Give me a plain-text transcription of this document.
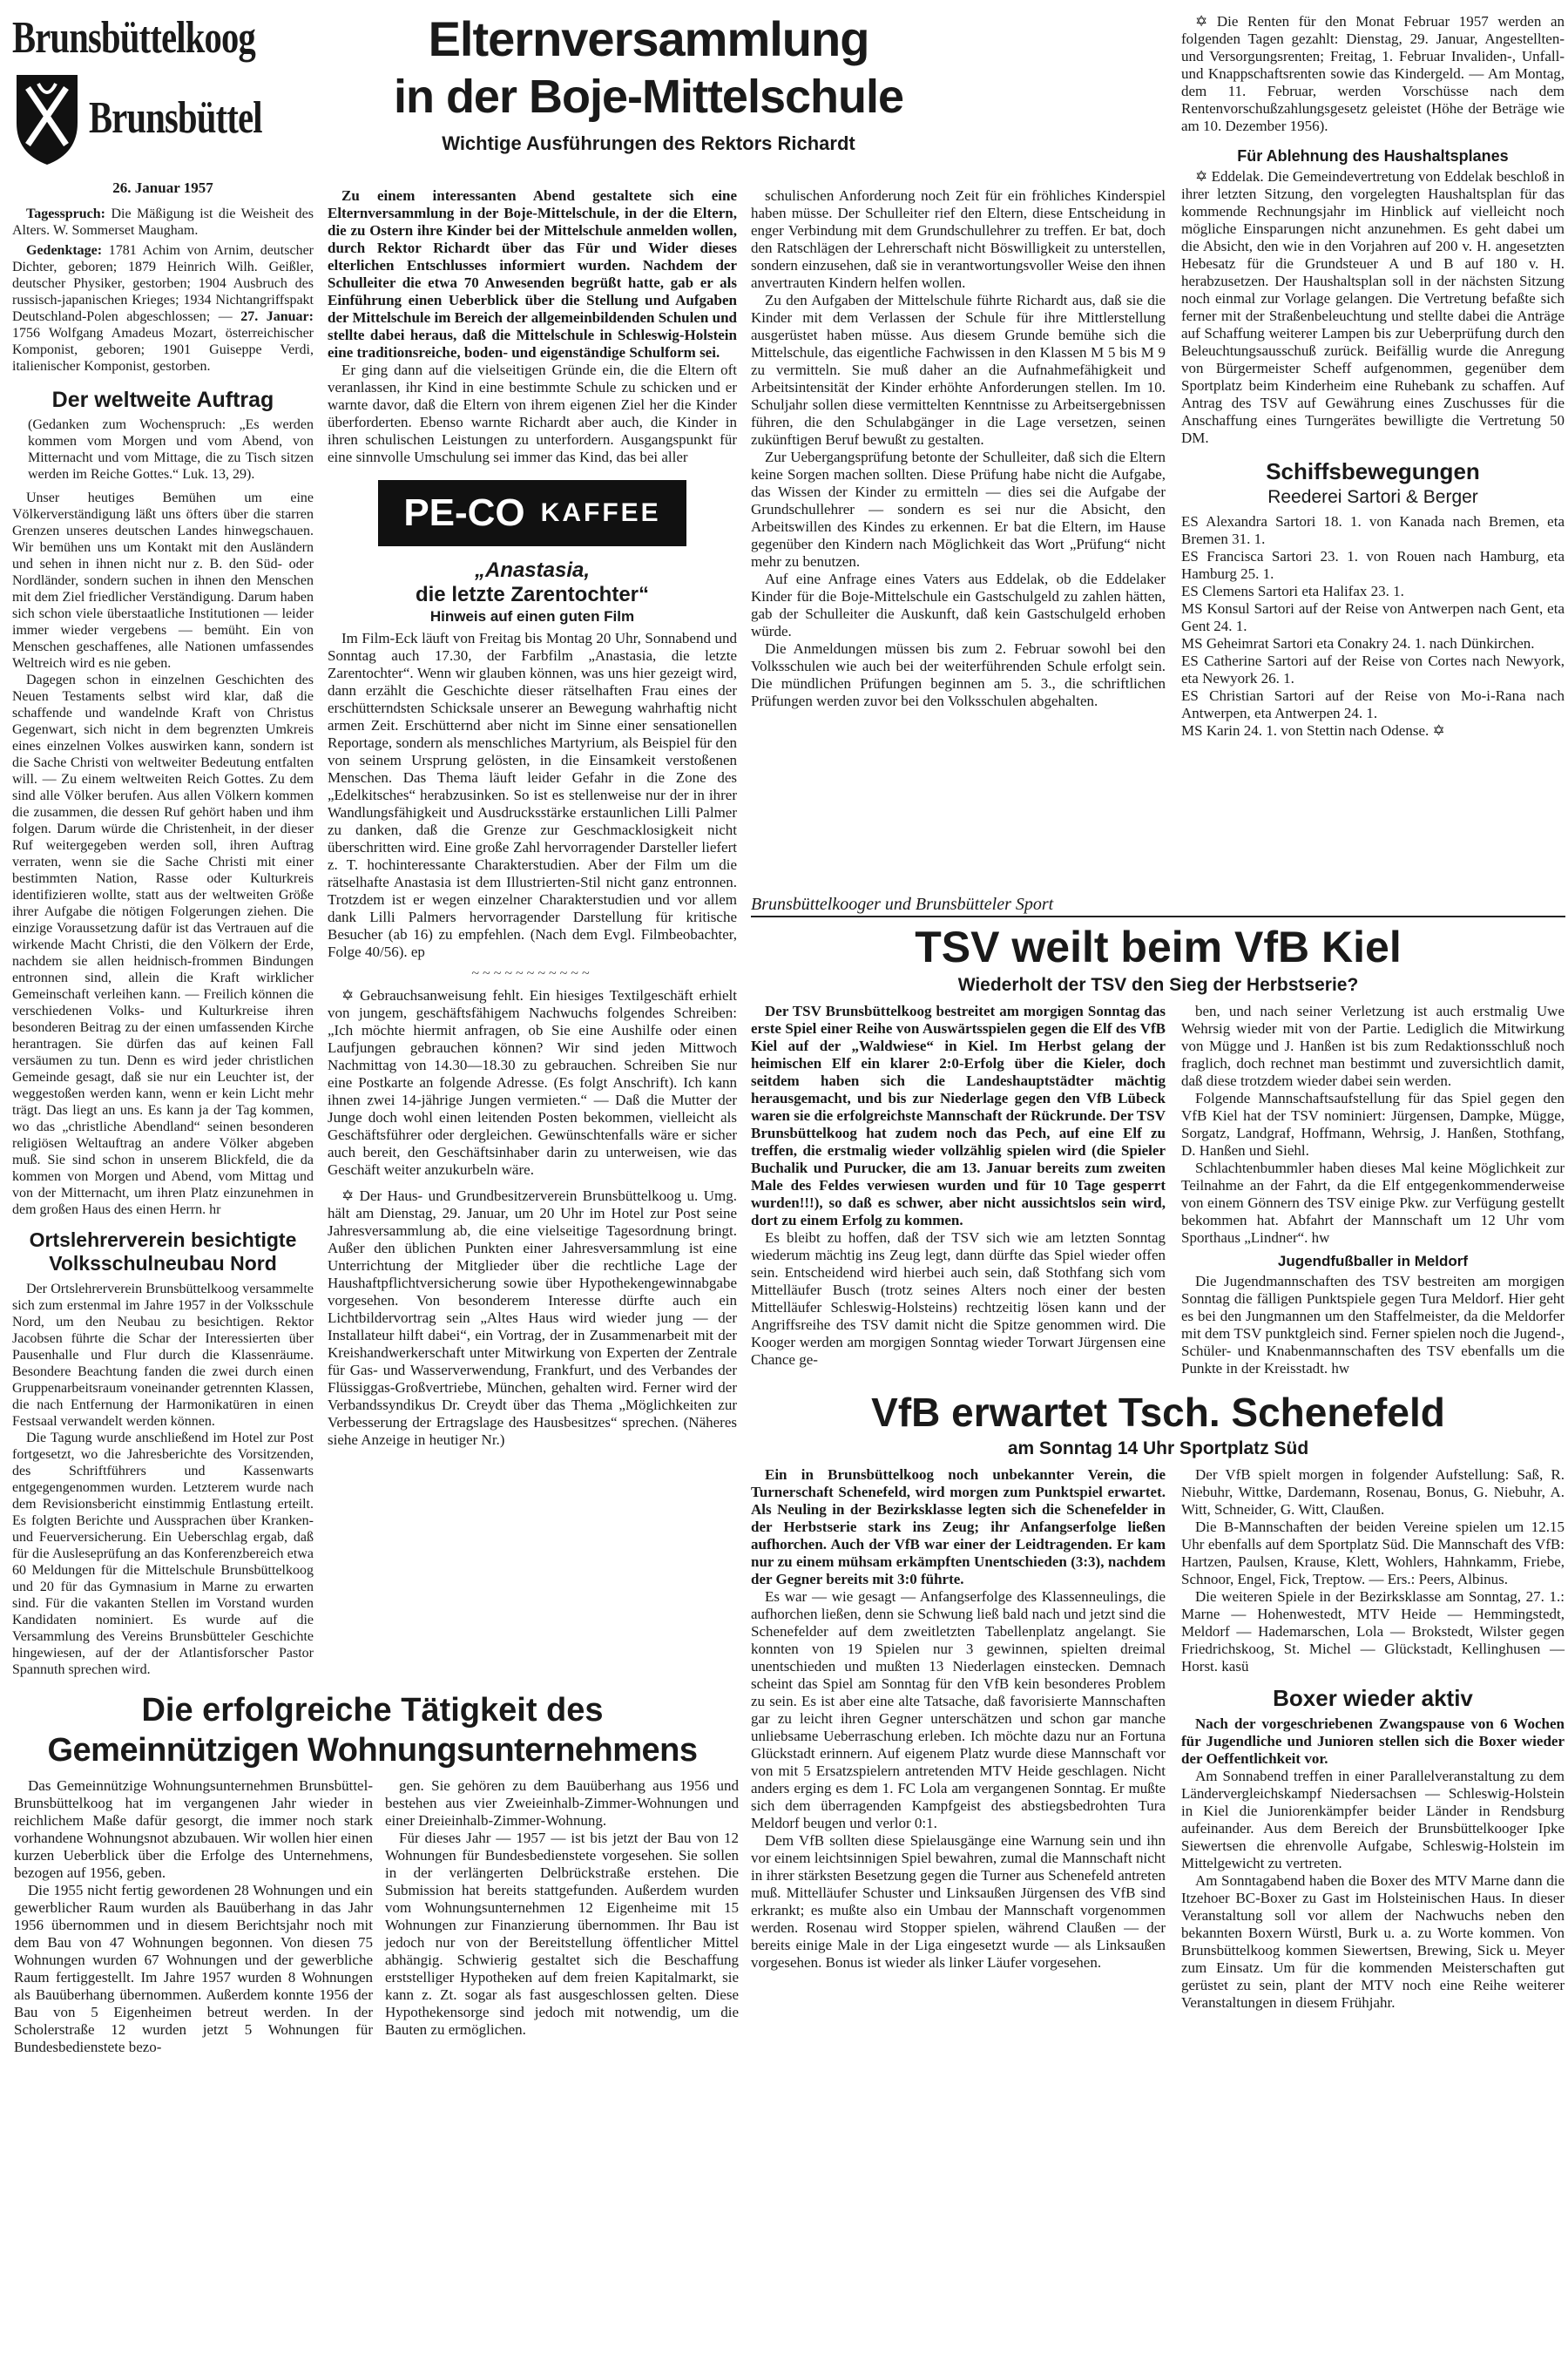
Elternversammlung
in der Boje-Mittelschule
Wichtige Ausführungen des Rektors Richardt
Brunsbüttelkoog
Brunsbüttel
26. Januar 1957

Tagesspruch: Die Mäßigung ist die Weisheit des Alters. W. Sommerset Maugham.

Gedenktage: 1781 Achim von Arnim, deutscher Dichter, geboren; 1879 Heinrich Wilh. Geißler, deutscher Physiker, gestorben; 1904 Ausbruch des russisch-japanischen Krieges; 1934 Nichtangriffspakt Deutschland-Polen abgeschlossen; — 27. Januar: 1756 Wolfgang Amadeus Mozart, österreichischer Komponist, geboren; 1901 Guiseppe Verdi, italienischer Komponist, gestorben.

Der weltweite Auftrag

(Gedanken zum Wochenspruch: „Es werden kommen vom Morgen und vom Abend, von Mitternacht und vom Mittage, die zu Tisch sitzen werden im Reiche Gottes.“ Luk. 13, 29).

Unser heutiges Bemühen um eine Völkerverständigung läßt uns öfters über die starren Grenzen unseres deutschen Landes hinwegschauen. Wir bemühen uns um Kontakt mit den Ausländern und sehen in ihnen nicht nur z. B. den Süd- oder Nordländer, sondern suchen in ihnen den Menschen mit dem Ziel friedlicher Verständigung. Darum haben sich schon viele überstaatliche Institutionen — leider immer wieder vergebens — bemüht. Ein von Menschen geschaffenes, alle Nationen umfassendes Weltreich wird es nie geben.

Dagegen schon in einzelnen Geschichten des Neuen Testaments selbst wird klar, daß die schaffende und wandelnde Kraft von Christus Gegenwart, sich nicht in dem begrenzten Umkreis eines einzelnen Volkes auswirken kann, sondern ist die Sache Christi von weltweiter Bedeutung entfalten will. — Zu einem weltweiten Reich Gottes. Zu dem sind alle Völker berufen. Aus allen Völkern kommen die zusammen, die dessen Ruf gehört haben und ihm folgen. Darum würde die Christenheit, in der dieser Ruf weitergegeben werden soll, ihren Auftrag verraten, wenn sie die Sache Christi mit einer bestimmten Nation, Rasse oder Kulturkreis identifizieren wollte, statt aus der weltweiten Größe ihrer Aufgabe die nötigen Folgerungen ziehen. Die einzige Voraussetzung dafür ist das Vertrauen auf die wirkende Macht Christi, die den Völkern der Erde, nachdem sie allen heidnisch-frommen Bindungen entronnen sind, allein die Kraft wirklicher Gemeinschaft verleihen kann. — Freilich können die verschiedenen Volks- und Kulturkreise ihren besonderen Beitrag zu der einen umfassenden Kirche herantragen. Sie dürfen das auf keinen Fall versäumen zu tun. Denn es wird jeder christlichen Gemeinde gesagt, daß sie nur ein Leuchter ist, der weggestoßen werden kann, wenn er kein Licht mehr trägt. Das liegt an uns. Es kann ja der Tag kommen, wo das „christliche Abendland“ seinen besonderen religiösen Weltauftrag an andere Völker abgeben muß. Sie sind schon in unserem Blickfeld, die da kommen von Morgen und Abend, vom Mittag und von der Mitternacht, um ihren Platz einzunehmen in dem großen Haus des einen Herrn. hr

Ortslehrerverein besichtigte Volksschulneubau Nord

Der Ortslehrerverein Brunsbüttelkoog versammelte sich zum erstenmal im Jahre 1957 in der Volksschule Nord, um den Neubau zu besichtigen. Rektor Jacobsen führte die Schar der Interessierten über Pausenhalle und Flur durch die Klassenräume. Besondere Beachtung fanden die zwei durch einen Gruppenarbeitsraum voneinander getrennten Klassen, die nach Entfernung der Harmonikatüren in einen Festsaal verwandelt werden können.

Die Tagung wurde anschließend im Hotel zur Post fortgesetzt, wo die Jahresberichte des Vorsitzenden, des Schriftführers und Kassenwarts entgegengenommen wurden. Letzterem wurde nach dem Revisionsbericht einstimmig Entlastung erteilt. Es folgten Berichte und Aussprachen über Kranken- und Feuerversicherung. Ein Ueberschlag ergab, daß für die Ausleseprüfung an das Konferenzbereich etwa 60 Meldungen für die Mittelschule Brunsbüttelkoog und 20 für das Gymnasium in Marne zu erwarten sind. Für die vakanten Stellen im Vorstand wurden Kandidaten nominiert. Es wurde auf die Versammlung des Vereins Brunsbütteler Geschichte hingewiesen, auf der der Atlantisforscher Pastor Spannuth sprechen wird.

Zu einem interessanten Abend gestaltete sich eine Elternversammlung in der Boje-Mittelschule, in der die Eltern, die zu Ostern ihre Kinder bei der Mittelschule anmelden wollen, durch Rektor Richardt über das Für und Wider dieses elterlichen Entschlusses informiert wurden. Nachdem der Schulleiter die etwa 70 Anwesenden begrüßt hatte, gab er als Einführung einen Ueberblick über die Stellung und Aufgaben der Mittelschule im Bereich der allgemeinbildenden Schulen und stellte dabei heraus, daß die Mittelschule in Schleswig-Holstein eine traditionsreiche, boden- und eigenständige Schulform sei.

Er ging dann auf die vielseitigen Gründe ein, die die Eltern oft veranlassen, ihr Kind in eine bestimmte Schule zu schicken und er warnte davor, daß die Eltern von ihrem eigenen Ziel her die Kinder überforderten. Ebenso warnte Richardt aber auch, die Kinder in ihren schulischen Leistungen zu unterfordern. Ausgangspunkt für eine sinnvolle Umschulung sei immer das Kind, das bei aller

PE-CO KAFFEE
„Anastasia,
die letzte Zarentochter“
Hinweis auf einen guten Film

Im Film-Eck läuft von Freitag bis Montag 20 Uhr, Sonnabend und Sonntag auch 17.30, der Farbfilm „Anastasia, die letzte Zarentochter“. Wenn wir glauben können, was uns hier gezeigt wird, dann erzählt die Geschichte dieser rätselhaften Frau eines der erschütterndsten Schicksale unserer an Bewegung wahrhaftig nicht armen Zeit. Erschütternd aber nicht im Sinne einer sensationellen Reportage, sondern als menschliches Martyrium, als Beispiel für den von seinem Ursprung gelösten, in die Einsamkeit verstoßenen Menschen. Das Thema läuft leider Gefahr in die Zone des „Edelkitsches“ herabzusinken. So ist es stellenweise nur der in ihrer Wandlungsfähigkeit und Ausdrucksstärke erstaunlichen Lilli Palmer zu danken, daß die Grenze zur Geschmacklosigkeit nicht überschritten wird. Eine große Zahl hervorragender Darsteller liefert z. T. hochinteressante Charakterstudien. Aber der Film um die rätselhafte Anastasia ist dem Illustrierten-Stil nicht ganz entronnen. Trotzdem ist er wegen einzelner Charakterstudien und vor allem dank Lilli Palmers hervorragender Darstellung für kritische Besucher (ab 16) zu empfehlen. (Nach dem Evgl. Filmbeobachter, Folge 40/56). ep

~~~~~~~~~~~

✡ Gebrauchsanweisung fehlt. Ein hiesiges Textilgeschäft erhielt von jungem, geschäftsfähigem Nachwuchs folgendes Schreiben: „Ich möchte hiermit anfragen, ob Sie eine Aushilfe oder einen Laufjungen gebrauchen können? Wir sind jeden Mittwoch Nachmittag von 14.30—18.30 zu gebrauchen. Schreiben Sie nur eine Postkarte an folgende Adresse. (Es folgt Anschrift). Ich kann ihnen zwei 14-jährige Jungen vermieten.“ — Daß die Mutter der Junge doch wohl einen leitenden Posten bekommen, vielleicht als Geschäftsführer oder dergleichen. Gewünschtenfalls wäre er sicher auch bereit, den Geschäftsinhaber darin zu unterweisen, wie das Geschäft weiter anzukurbeln wäre.

✡ Der Haus- und Grundbesitzerverein Brunsbüttelkoog u. Umg. hält am Dienstag, 29. Januar, um 20 Uhr im Hotel zur Post seine Jahresversammlung ab, die eine vielseitige Tagesordnung bringt. Außer den üblichen Punkten einer Jahresversammlung ist eine Unterrichtung der Mitglieder über die rechtliche Lage der Haushaftpflichtversicherung sowie über Hypothekengewinnabgabe vorgesehen. Von besonderem Interesse dürfte auch ein Lichtbildervortrag sein „Altes Haus wird wieder jung — der Installateur hilft dabei“, ein Vortrag, der in Zusammenarbeit mit der Kreishandwerkerschaft unter Mitwirkung von Experten der Zentrale für Gas- und Wasserverwendung, Frankfurt, und des Verbandes der Flüssiggas-Großvertriebe, München, gehalten wird. Ferner wird der Verbandssyndikus Dr. Creydt über das Thema „Möglichkeiten zur Verbesserung der Ertragslage des Hausbesitzes“ sprechen. (Näheres siehe Anzeige in heutiger Nr.)

Die erfolgreiche Tätigkeit des
Gemeinnützigen Wohnungsunternehmens

Das Gemeinnützige Wohnungsunternehmen Brunsbüttel-Brunsbüttelkoog hat im vergangenen Jahr wieder in reichlichem Maße dafür gesorgt, die immer noch stark vorhandene Wohnungsnot abzubauen. Wir wollen hier einen kurzen Ueberblick über die Erfolge des Unternehmens, bezogen auf 1956, geben.

Die 1955 nicht fertig gewordenen 28 Wohnungen und ein gewerblicher Raum wurden als Bauüberhang in das Jahr 1956 übernommen und in diesem Berichtsjahr noch mit dem Bau von 47 Wohnungen begonnen. Von diesen 75 Wohnungen wurden 67 Wohnungen und der gewerbliche Raum fertiggestellt. Im Jahre 1957 wurden 8 Wohnungen als Bauüberhang übernommen. Außerdem konnte 1956 der Bau von 5 Eigenheimen betreut werden. In der Scholerstraße 12 wurden jetzt 5 Wohnungen für Bundesbedienstete bezo-

gen. Sie gehören zu dem Bauüberhang aus 1956 und bestehen aus vier Zweieinhalb-Zimmer-Wohnungen und einer Dreieinhalb-Zimmer-Wohnung.

Für dieses Jahr — 1957 — ist bis jetzt der Bau von 12 Wohnungen für Bundesbedienstete vorgesehen. Sie sollen in der verlängerten Delbrückstraße erstehen. Die Submission hat bereits stattgefunden. Außerdem wurden vom Wohnungsunternehmen 12 Eigenheime mit 15 Wohnungen zur Finanzierung übernommen. Ihr Bau ist jedoch nur von der Bereitstellung öffentlicher Mittel abhängig. Schwierig gestaltet sich die Beschaffung erststelliger Hypotheken auf dem freien Kapitalmarkt, sie kann z. Zt. sogar als fast ausgeschlossen gelten. Diese Hypothekensorge sind jedoch mit notwendig, um die Bauten zu ermöglichen.

schulischen Anforderung noch Zeit für ein fröhliches Kinderspiel haben müsse. Der Schulleiter rief den Eltern, diese Entscheidung in enger Verbindung mit dem Grundschullehrer zu treffen. Er bat, doch den Ratschlägen der Lehrerschaft nicht Böswilligkeit zu unterstellen, sondern einzusehen, daß sie in verantwortungsvoller Weise den ihnen anvertrauten Kindern helfen wollen.

Zu den Aufgaben der Mittelschule führte Richardt aus, daß sie die Kinder mit dem Verlassen der Schule für ihre Mittlerstellung ausgerüstet haben müsse. Aus diesem Grunde bemühe sich die Mittelschule, das eigentliche Fachwissen in den Klassen M 5 bis M 9 zu vermitteln. Sie muß daher an die Aufnahmefähigkeit und Arbeitsintensität der Kinder erhöhte Anforderungen stellen. Im 10. Schuljahr sollen diese vermittelten Kenntnisse zu Arbeitsergebnissen führen, die den Schulabgänger in die Lage versetzen, seinen zukünftigen Beruf bewußt zu gestalten.

Zur Uebergangsprüfung betonte der Schulleiter, daß sich die Eltern keine Sorgen machen sollten. Diese Prüfung habe nicht die Aufgabe, das Wissen der Kinder zu ermitteln — dies sei die Aufgabe der Grundschullehrer — sondern es sei nur die Absicht, den Arbeitswillen des Kindes zu erkennen. Er bat die Eltern, im Hause gegenüber den Kindern nach Möglichkeit das Wort „Prüfung“ nicht mehr zu benutzen.

Auf eine Anfrage eines Vaters aus Eddelak, ob die Eddelaker Kinder für die Boje-Mittelschule ein Gastschulgeld zu zahlen hätten, gab der Schulleiter die Auskunft, daß kein Gastschulgeld erhoben würde.

Die Anmeldungen müssen bis zum 2. Februar sowohl bei den Volksschulen wie auch bei der weiterführenden Schule erfolgt sein. Die mündlichen Prüfungen beginnen am 5. 3., die schriftlichen Prüfungen werden zuvor bei den Volksschulen abgehalten.

✡ Die Renten für den Monat Februar 1957 werden an folgenden Tagen gezahlt: Dienstag, 29. Januar, Angestellten- und Versorgungsrenten; Freitag, 1. Februar Invaliden-, Unfall- und Knappschaftsrenten sowie das Kindergeld. — Am Montag, dem 11. Februar, werden Vorschüsse nach dem Rentenvorschußzahlungsgesetz geleistet (Höhe der Beträge wie am 10. Dezember 1956).

Für Ablehnung des Haushaltsplanes

✡ Eddelak. Die Gemeindevertretung von Eddelak beschloß in ihrer letzten Sitzung, den vorgelegten Haushaltsplan für das kommende Rechnungsjahr im Hinblick auf vielleicht noch mögliche Einsparungen nicht anzunehmen. Es geht dabei um die Absicht, den wie in den Vorjahren auf 200 v. H. angesetzten Hebesatz für die Grundsteuer A und B auf 180 v. H. herabzusetzen. Der Haushaltsplan soll in der nächsten Sitzung noch einmal zur Vorlage gelangen. Die Vertretung befaßte sich ferner mit der Straßenbeleuchtung und stellte dabei die Anträge auf Schaffung weiterer Lampen bis zur Ueberprüfung durch den Beleuchtungsausschuß zurück. Beifällig wurde die Anregung von Bürgermeister Scheff aufgenommen, gegenüber dem Sportplatz beim Kinderheim eine Ruhebank zu schaffen. Auf Antrag des TSV auf Gewährung eines Zuschusses für die Anschaffung eines Turngerätes bewilligte die Vertretung 50 DM.

Schiffsbewegungen
Reederei Sartori & Berger

ES Alexandra Sartori 18. 1. von Kanada nach Bremen, eta Bremen 31. 1.

ES Francisca Sartori 23. 1. von Rouen nach Hamburg, eta Hamburg 25. 1.

ES Clemens Sartori eta Halifax 23. 1.

MS Konsul Sartori auf der Reise von Antwerpen nach Gent, eta Gent 24. 1.

MS Geheimrat Sartori eta Conakry 24. 1. nach Dünkirchen.

ES Catherine Sartori auf der Reise von Cortes nach Newyork, eta Newyork 26. 1.

ES Christian Sartori auf der Reise von Mo-i-Rana nach Antwerpen, eta Antwerpen 24. 1.

MS Karin 24. 1. von Stettin nach Odense. ✡

Brunsbüttelkooger und Brunsbütteler Sport
TSV weilt beim VfB Kiel
Wiederholt der TSV den Sieg der Herbstserie?

Der TSV Brunsbüttelkoog bestreitet am morgigen Sonntag das erste Spiel einer Reihe von Auswärtsspielen gegen die Elf des VfB Kiel auf der „Waldwiese“ in Kiel. Im Herbst gelang der heimischen Elf ein klarer 2:0-Erfolg über die Kieler, doch seitdem haben sich die Landeshauptstädter mächtig herausgemacht, und bis zur Niederlage gegen den VfB Lübeck waren sie die erfolgreichste Mannschaft der Rückrunde. Der TSV Brunsbüttelkoog hat zudem noch das Pech, auf eine Elf zu treffen, die erstmalig wieder vollzählig spielen wird (die Spieler Buchalik und Purucker, die am 13. Januar bereits zum zweiten Male des Feldes verwiesen wurden und für 10 Tage gesperrt wurden!!!), so daß es schwer, aber nicht aussichtslos sein wird, dort zu einem Erfolg zu kommen.

Es bleibt zu hoffen, daß der TSV sich wie am letzten Sonntag wiederum mächtig ins Zeug legt, dann dürfte das Spiel wieder offen sein. Entscheidend wird hierbei auch sein, daß Stothfang sich vom Mittelläufer Busch (trotz seines Alters noch einer der besten Mittelläufer Schleswig-Holsteins) rechtzeitig lösen kann und der Angriffsreihe des TSV damit nicht die Spitze genommen wird. Die Kooger werden am morgigen Sonntag wieder Torwart Jürgensen eine Chance ge-

ben, und nach seiner Verletzung ist auch erstmalig Uwe Wehrsig wieder mit von der Partie. Lediglich die Mitwirkung von Mügge und J. Hanßen ist bis zum Redaktionsschluß noch fraglich, doch rechnet man bestimmt und zuversichtlich damit, daß diese trotzdem wieder dabei sein werden.

Folgende Mannschaftsaufstellung für das Spiel gegen den VfB Kiel hat der TSV nominiert: Jürgensen, Dampke, Mügge, Sorgatz, Landgraf, Hoffmann, Wehrsig, J. Hanßen, Stothfang, D. Hanßen und Siehl.

Schlachtenbummler haben dieses Mal keine Möglichkeit zur Teilnahme an der Fahrt, da die Elf entgegenkommenderweise von einem Gönnern des TSV einige Pkw. zur Verfügung gestellt bekommen hat. Abfahrt der Mannschaft um 12 Uhr vom Sporthaus „Lindner“. hw

Jugendfußballer in Meldorf

Die Jugendmannschaften des TSV bestreiten am morgigen Sonntag die fälligen Punktspiele gegen Tura Meldorf. Hier geht es bei den Jungmannen um den Staffelmeister, da die Meldorfer mit dem TSV punktgleich sind. Ferner spielen noch die Jugend-, Schüler- und Knabenmannschaften des TSV ebenfalls um die Punkte in der Kreisstadt. hw

VfB erwartet Tsch. Schenefeld
am Sonntag 14 Uhr Sportplatz Süd

Ein in Brunsbüttelkoog noch unbekannter Verein, die Turnerschaft Schenefeld, wird morgen zum Punktspiel erwartet. Als Neuling in der Bezirksklasse legten sich die Schenefelder in der Herbstserie stark ins Zeug; ihr Anfangserfolge ließen aufhorchen. Auch der VfB war einer der Leidtragenden. Er kam nur zu einem mühsam erkämpften Unentschieden (3:3), nachdem der Gegner bereits mit 3:0 führte.

Es war — wie gesagt — Anfangserfolge des Klassenneulings, die aufhorchen ließen, denn sie Schwung ließ bald nach und jetzt sind die Schenefelder auf dem zweitletzten Tabellenplatz angelangt. Sie konnten von 19 Spielen nur 3 gewinnen, spielten dreimal unentschieden und mußten 13 Niederlagen einstecken. Demnach scheint das Spiel am Sonntag für den VfB kein besonderes Problem zu sein. Es ist aber eine alte Tatsache, daß favorisierte Mannschaften gar zu leicht ihren Gegner unterschätzen und schon gar manche unliebsame Ueberraschung erleben. Ich möchte dazu nur an Fortuna Glückstadt erinnern. Auf eigenem Platz wurde diese Mannschaft vor von mit 5 Ersatzspielern antretenden MTV Heide geschlagen. Nicht anders erging es dem 1. FC Lola am vergangenen Sonntag. Er mußte sich dem überragenden Kampfgeist des abstiegsbedrohten Tura Meldorf beugen und verlor 0:1.

Dem VfB sollten diese Spielausgänge eine Warnung sein und ihn vor einem leichtsinnigen Spiel bewahren, zumal die Mannschaft nicht in ihrer stärksten Besetzung gegen die Turner aus Schenefeld antreten muß. Mittelläufer Schuster und Linksaußen Jürgensen des VfB sind erkrankt; es mußte also ein Umbau der Mannschaft vorgenommen werden. Rosenau wird Stopper spielen, während Claußen — der bereits einige Male in der Liga eingesetzt wurde — als Linksaußen vorgesehen. Bonus ist wieder als linker Läufer vorgesehen.

Der VfB spielt morgen in folgender Aufstellung: Saß, R. Niebuhr, Wittke, Dardemann, Rosenau, Bonus, G. Niebuhr, A. Witt, Schneider, G. Witt, Claußen.

Die B-Mannschaften der beiden Vereine spielen um 12.15 Uhr ebenfalls auf dem Sportplatz Süd. Die Mannschaft des VfB: Hartzen, Paulsen, Krause, Klett, Wohlers, Hahnkamm, Friebe, Schnoor, Engel, Fick, Treptow. — Ers.: Peers, Albinus.

Die weiteren Spiele in der Bezirksklasse am Sonntag, 27. 1.: Marne — Hohenwestedt, MTV Heide — Hemmingstedt, Meldorf — Hademarschen, Lola — Brokstedt, Wilster gegen Friedrichskoog, St. Michel — Glückstadt, Kellinghusen — Horst. kasü

Boxer wieder aktiv

Nach der vorgeschriebenen Zwangspause von 6 Wochen für Jugendliche und Junioren stellen sich die Boxer wieder der Oeffentlichkeit vor.

Am Sonnabend treffen in einer Parallelveranstaltung zu dem Ländervergleichskampf Niedersachsen — Schleswig-Holstein in Kiel die Juniorenkämpfer beider Länder in Rendsburg aufeinander. Aus dem Bereich der Brunsbüttelkooger Ipke Siewertsen die ehrenvolle Aufgabe, Schleswig-Holstein im Mittelgewicht zu vertreten.

Am Sonntagabend haben die Boxer des MTV Marne dann die Itzehoer BC-Boxer zu Gast im Holsteinischen Haus. In dieser Veranstaltung soll vor allem der Nachwuchs neben den bekannten Boxern Würstl, Burk u. a. zu Worte kommen. Von Brunsbüttelkoog kommen Siewertsen, Brewing, Sick u. Meyer zum Einsatz. Um für die kommenden Meisterschaften gut gerüstet zu sein, plant der MTV noch eine Reihe weiterer Veranstaltungen in diesem Frühjahr.
